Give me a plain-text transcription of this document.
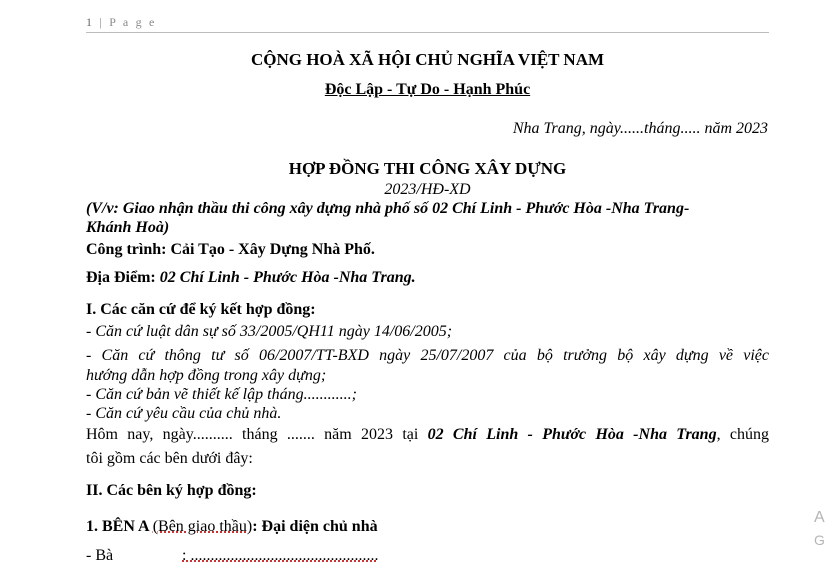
1 | P a g e
CỘNG HOÀ XÃ HỘI CHỦ NGHĨA VIỆT NAM
Độc Lập - Tự Do - Hạnh Phúc
Nha Trang, ngày......tháng..... năm 2023
HỢP ĐỒNG THI CÔNG XÂY DỰNG
2023/HĐ-XD
(V/v: Giao nhận thầu thi công xây dựng nhà phố số 02 Chí Linh - Phước Hòa -Nha Trang-
Khánh Hoà)
Công trình: Cải Tạo - Xây Dựng Nhà Phố.
Địa Điểm: 02 Chí Linh - Phước Hòa -Nha Trang.
I. Các căn cứ để ký kết hợp đồng:
- Căn cứ luật dân sự số 33/2005/QH11 ngày 14/06/2005;
- Căn cứ thông tư số 06/2007/TT-BXD ngày 25/07/2007 của bộ trưởng bộ xây dựng về việc
hướng dẫn hợp đồng trong xây dựng;
- Căn cứ bản vẽ thiết kế lập tháng............;
- Căn cứ yêu cầu của chủ nhà.
Hôm nay, ngày.......... tháng ....... năm 2023 tại 02 Chí Linh - Phước Hòa -Nha Trang, chúng
tôi gồm các bên dưới đây:
II. Các bên ký hợp đồng:
1. BÊN A (Bên giao thầu): Đại diện chủ nhà
- Bà	: ...............................................
A
G
